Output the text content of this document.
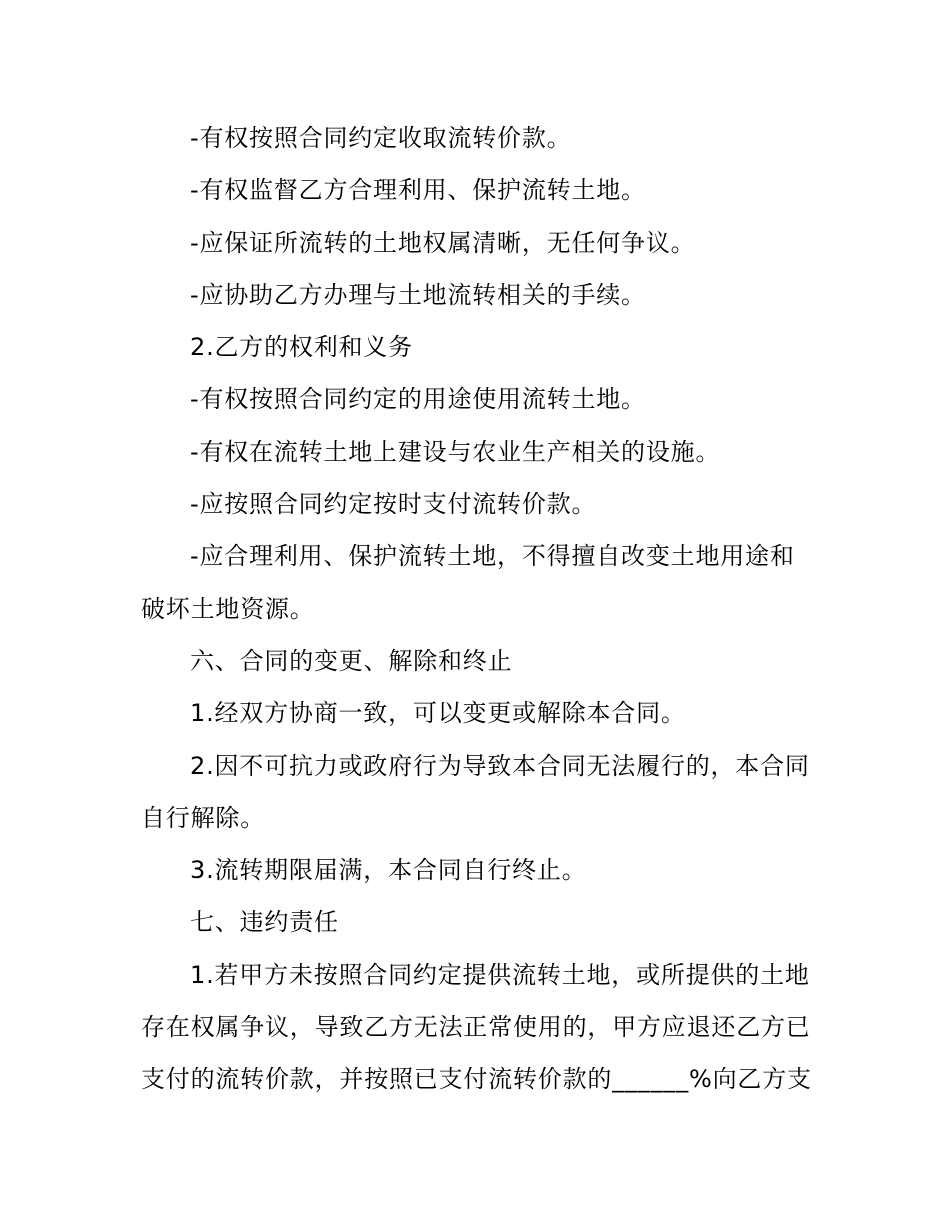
-有权按照合同约定收取流转价款。

-有权监督乙方合理利用、保护流转土地。

-应保证所流转的土地权属清晰，无任何争议。

-应协助乙方办理与土地流转相关的手续。

2.乙方的权利和义务

-有权按照合同约定的用途使用流转土地。

-有权在流转土地上建设与农业生产相关的设施。

-应按照合同约定按时支付流转价款。

-应合理利用、保护流转土地，不得擅自改变土地用途和破坏土地资源。

六、合同的变更、解除和终止

1.经双方协商一致，可以变更或解除本合同。

2.因不可抗力或政府行为导致本合同无法履行的，本合同自行解除。

3.流转期限届满，本合同自行终止。

七、违约责任

1.若甲方未按照合同约定提供流转土地，或所提供的土地存在权属争议，导致乙方无法正常使用的，甲方应退还乙方已支付的流转价款，并按照已支付流转价款的______%向乙方支
